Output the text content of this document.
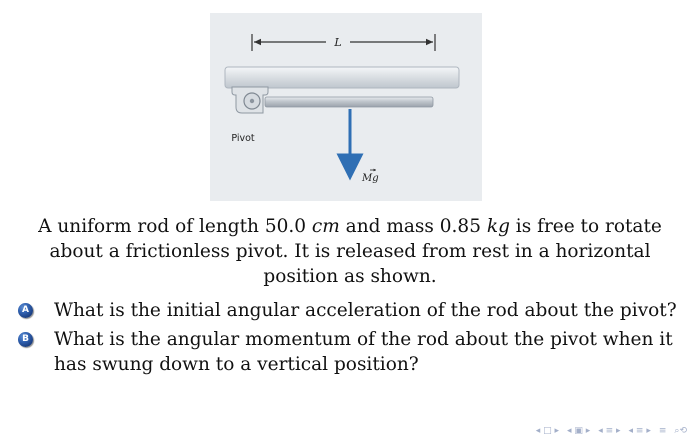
L
Pivot
Mg

A uniform rod of length 50.0 cm and mass 0.85 kg is free to rotate about a frictionless pivot. It is released from rest in a horizontal position as shown.

A What is the initial angular acceleration of the rod about the pivot?
B What is the angular momentum of the rod about the pivot when it has swung down to a vertical position?
◂ □ ▸ ◂ ▣ ▸ ◂ ≡ ▸ ◂ ≡ ▸ ≡ ⌕⟲
